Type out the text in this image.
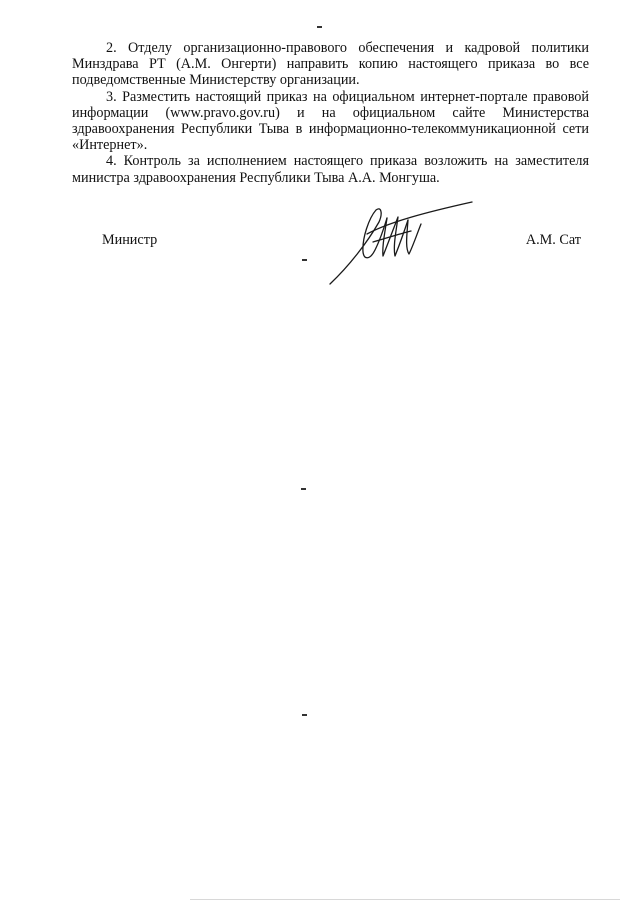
2. Отделу организационно-правового обеспечения и кадровой политики Минздрава РТ (А.М. Онгерти) направить копию настоящего приказа во все подведомственные Министерству организации.

3. Разместить настоящий приказ на официальном интернет-портале правовой информации (www.pravo.gov.ru) и на официальном сайте Министерства здравоохранения Республики Тыва в информационно-телекоммуникационной сети «Интернет».

4. Контроль за исполнением настоящего приказа возложить на заместителя министра здравоохранения Республики Тыва А.А. Монгуша.

Министр	А.М. Сат
